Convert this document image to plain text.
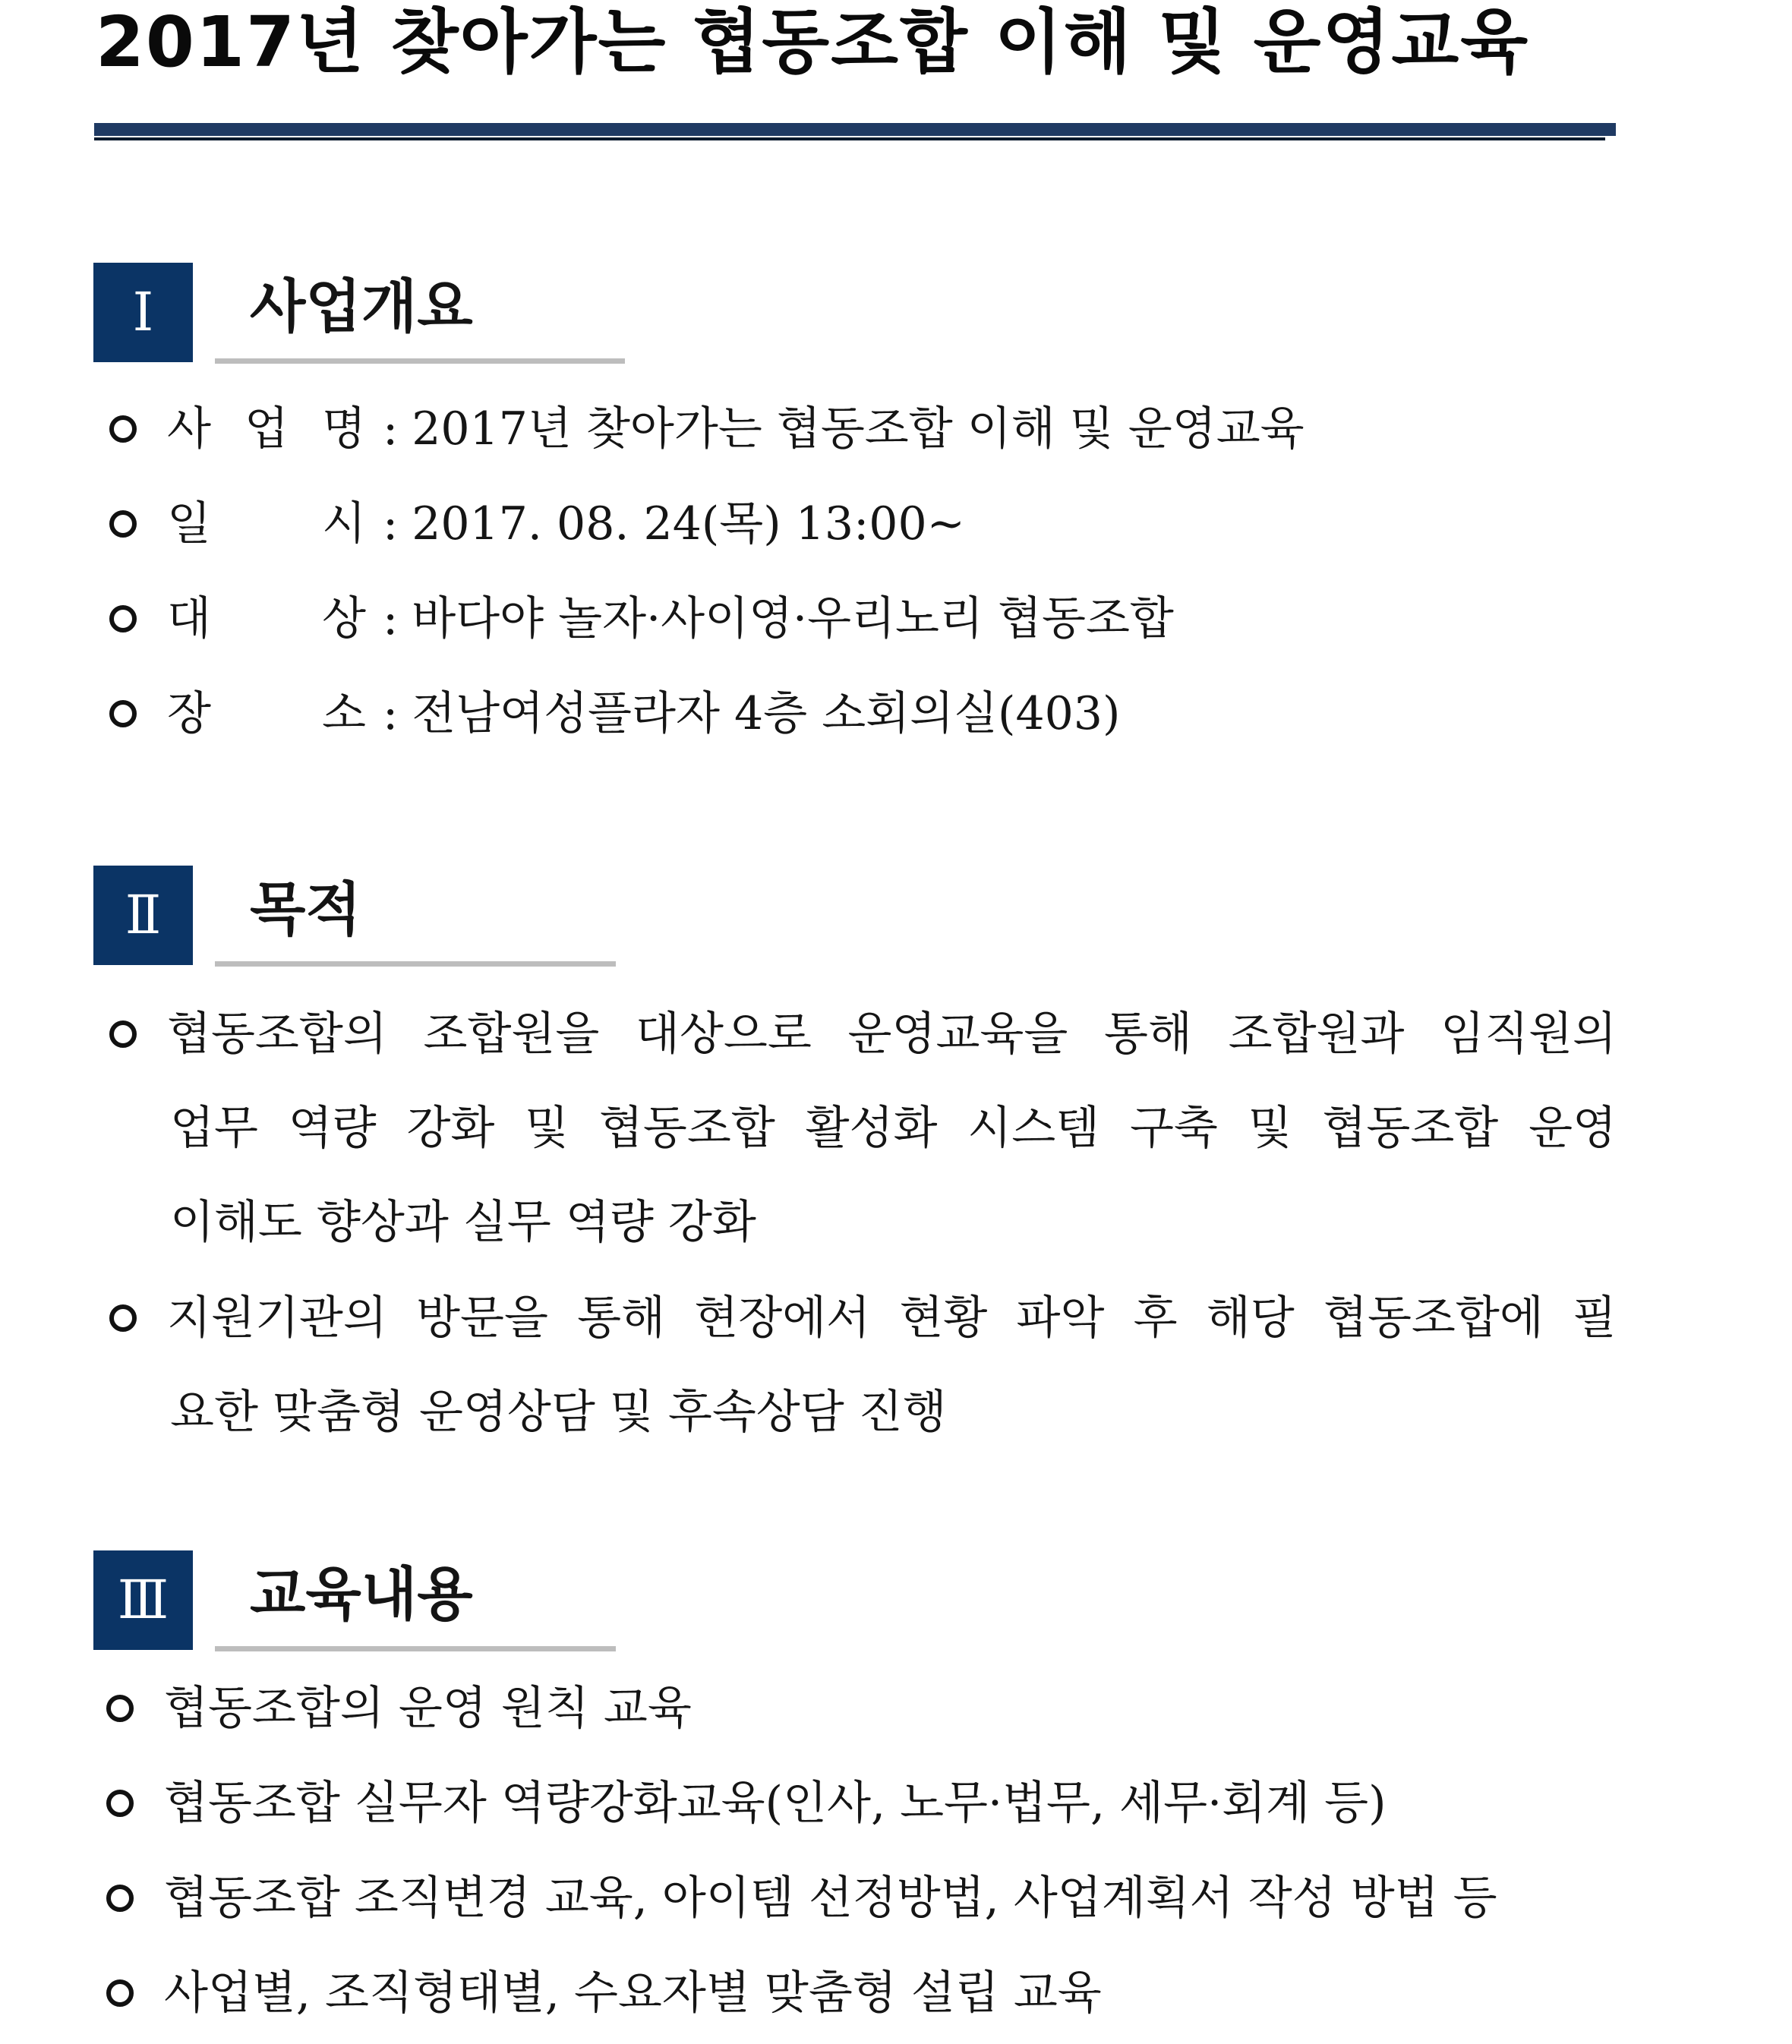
2017년 찾아가는 협동조합 이해 및 운영교육
Ⅰ	사업개요
사 업 명 : 2017년 찾아가는 협동조합 이해 및 운영교육
일 시 : 2017. 08. 24(목) 13:00~
대 상 : 바다야 놀자·사이영·우리노리 협동조합
장 소 : 전남여성플라자 4층 소회의실(403)
Ⅱ	목적
협동조합의 조합원을 대상으로 운영교육을 통해 조합원과 임직원의
업무 역량 강화 및 협동조합 활성화 시스템 구축 및 협동조합 운영
이해도 향상과 실무 역량 강화
지원기관의 방문을 통해 현장에서 현황 파악 후 해당 협동조합에 필
요한 맞춤형 운영상담 및 후속상담 진행
Ⅲ	교육내용
협동조합의 운영 원칙 교육
협동조합 실무자 역량강화교육(인사, 노무·법무, 세무·회계 등)
협동조합 조직변경 교육, 아이템 선정방법, 사업계획서 작성 방법 등
사업별, 조직형태별, 수요자별 맞춤형 설립 교육
